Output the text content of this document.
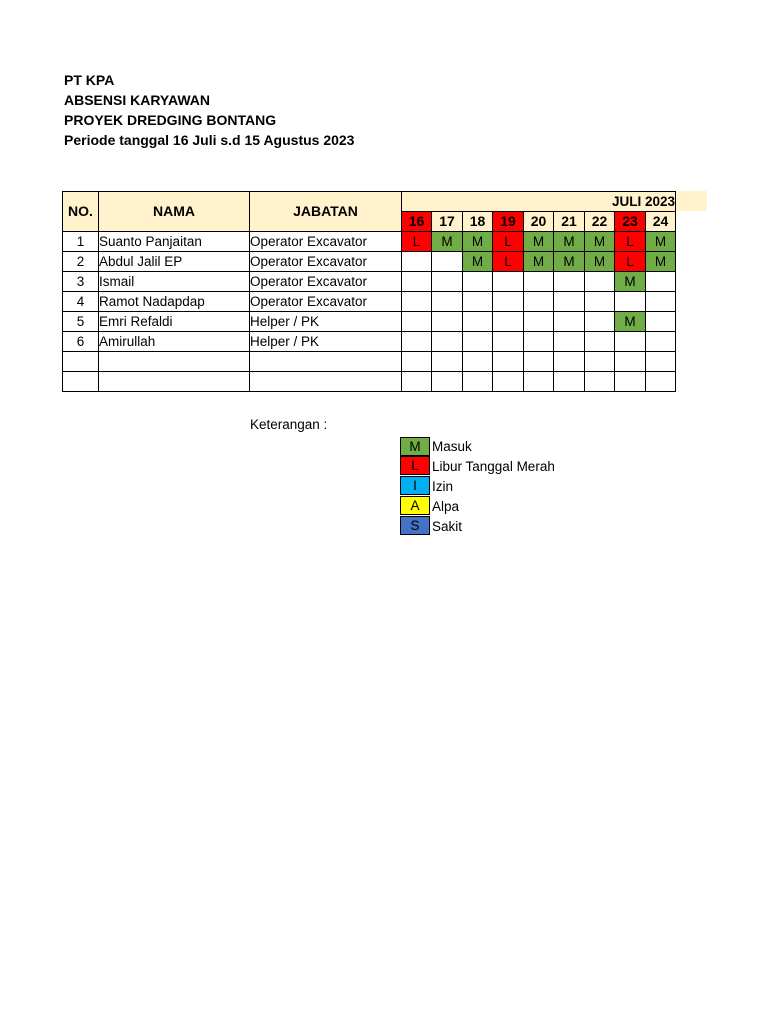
PT KPA
ABSENSI KARYAWAN
PROYEK DREDGING BONTANG
Periode tanggal 16 Juli s.d 15 Agustus 2023
NO.	NAMA	JABATAN	JULI 2023								
			16	17	18	19	20	21	22	23	24
1	Suanto Panjaitan	Operator Excavator	L	M	M	L	M	M	M	L	M
2	Abdul Jalil EP	Operator Excavator			M	L	M	M	M	L	M
3	Ismail	Operator Excavator								M	
4	Ramot Nadapdap	Operator Excavator									
5	Emri Refaldi	Helper / PK								M	
6	Amirullah	Helper / PK									

Keterangan :
M Masuk
L Libur Tanggal Merah
I	Izin
A Alpa
S Sakit
